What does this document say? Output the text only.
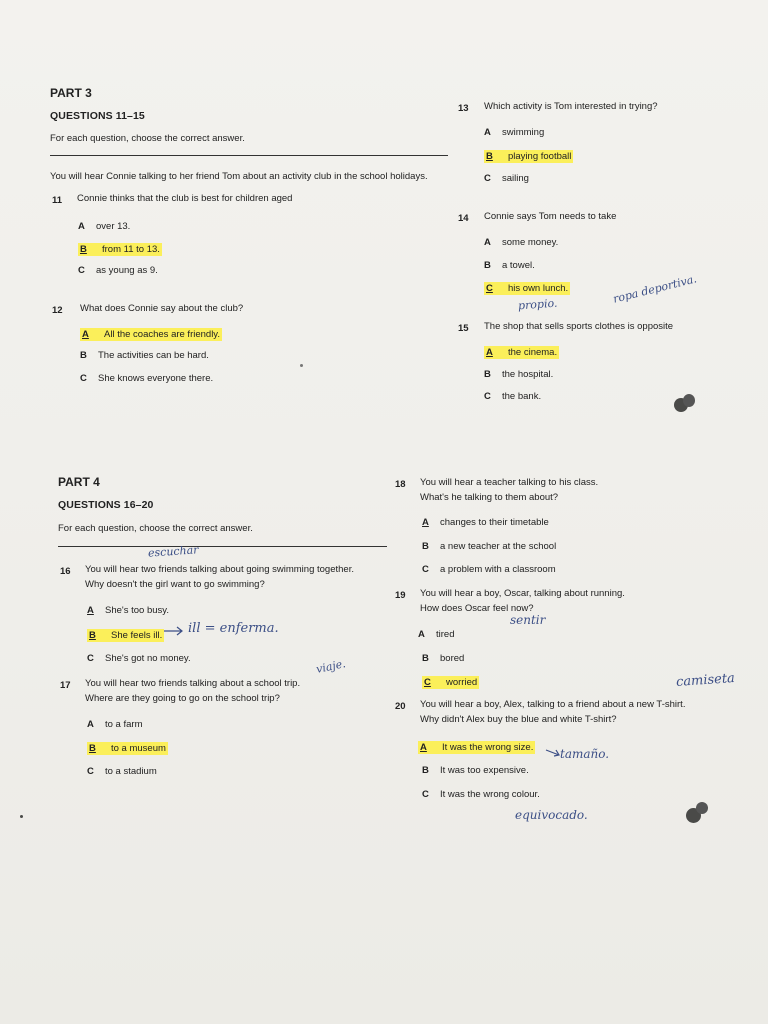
PART 3
QUESTIONS 11–15
For each question, choose the correct answer.
You will hear Connie talking to her friend Tom about an activity club in the school holidays.
11 Connie thinks that the club is best for children aged
A over 13.
B from 11 to 13.
C as young as 9.
12 What does Connie say about the club?
A All the coaches are friendly.
B The activities can be hard.
C She knows everyone there.
13 Which activity is Tom interested in trying?
A swimming
B playing football
C sailing
14 Connie says Tom needs to take
A some money.
B a towel.
C his own lunch.
propio.	ropa deportiva.
15 The shop that sells sports clothes is opposite
A the cinema.
B the hospital.
C the bank.
PART 4
QUESTIONS 16–20
For each question, choose the correct answer.
escuchar
16 You will hear two friends talking about going swimming together.
Why doesn't the girl want to go swimming?
A She's too busy.
B She feels ill.
C She's got no money.
ill = enferma.
17 You will hear two friends talking about a school trip.
Where are they going to go on the school trip?
viaje.
A to a farm
B to a museum
C to a stadium
18 You will hear a teacher talking to his class.
What's he talking to them about?
A changes to their timetable
B a new teacher at the school
C a problem with a classroom
19 You will hear a boy, Oscar, talking about running.
How does Oscar feel now?
sentir
A tired
B bored
C worried	camiseta
20 You will hear a boy, Alex, talking to a friend about a new T-shirt.
Why didn't Alex buy the blue and white T-shirt?
A It was the wrong size. tamaño.
B It was too expensive.
C It was the wrong colour.
equivocado.
